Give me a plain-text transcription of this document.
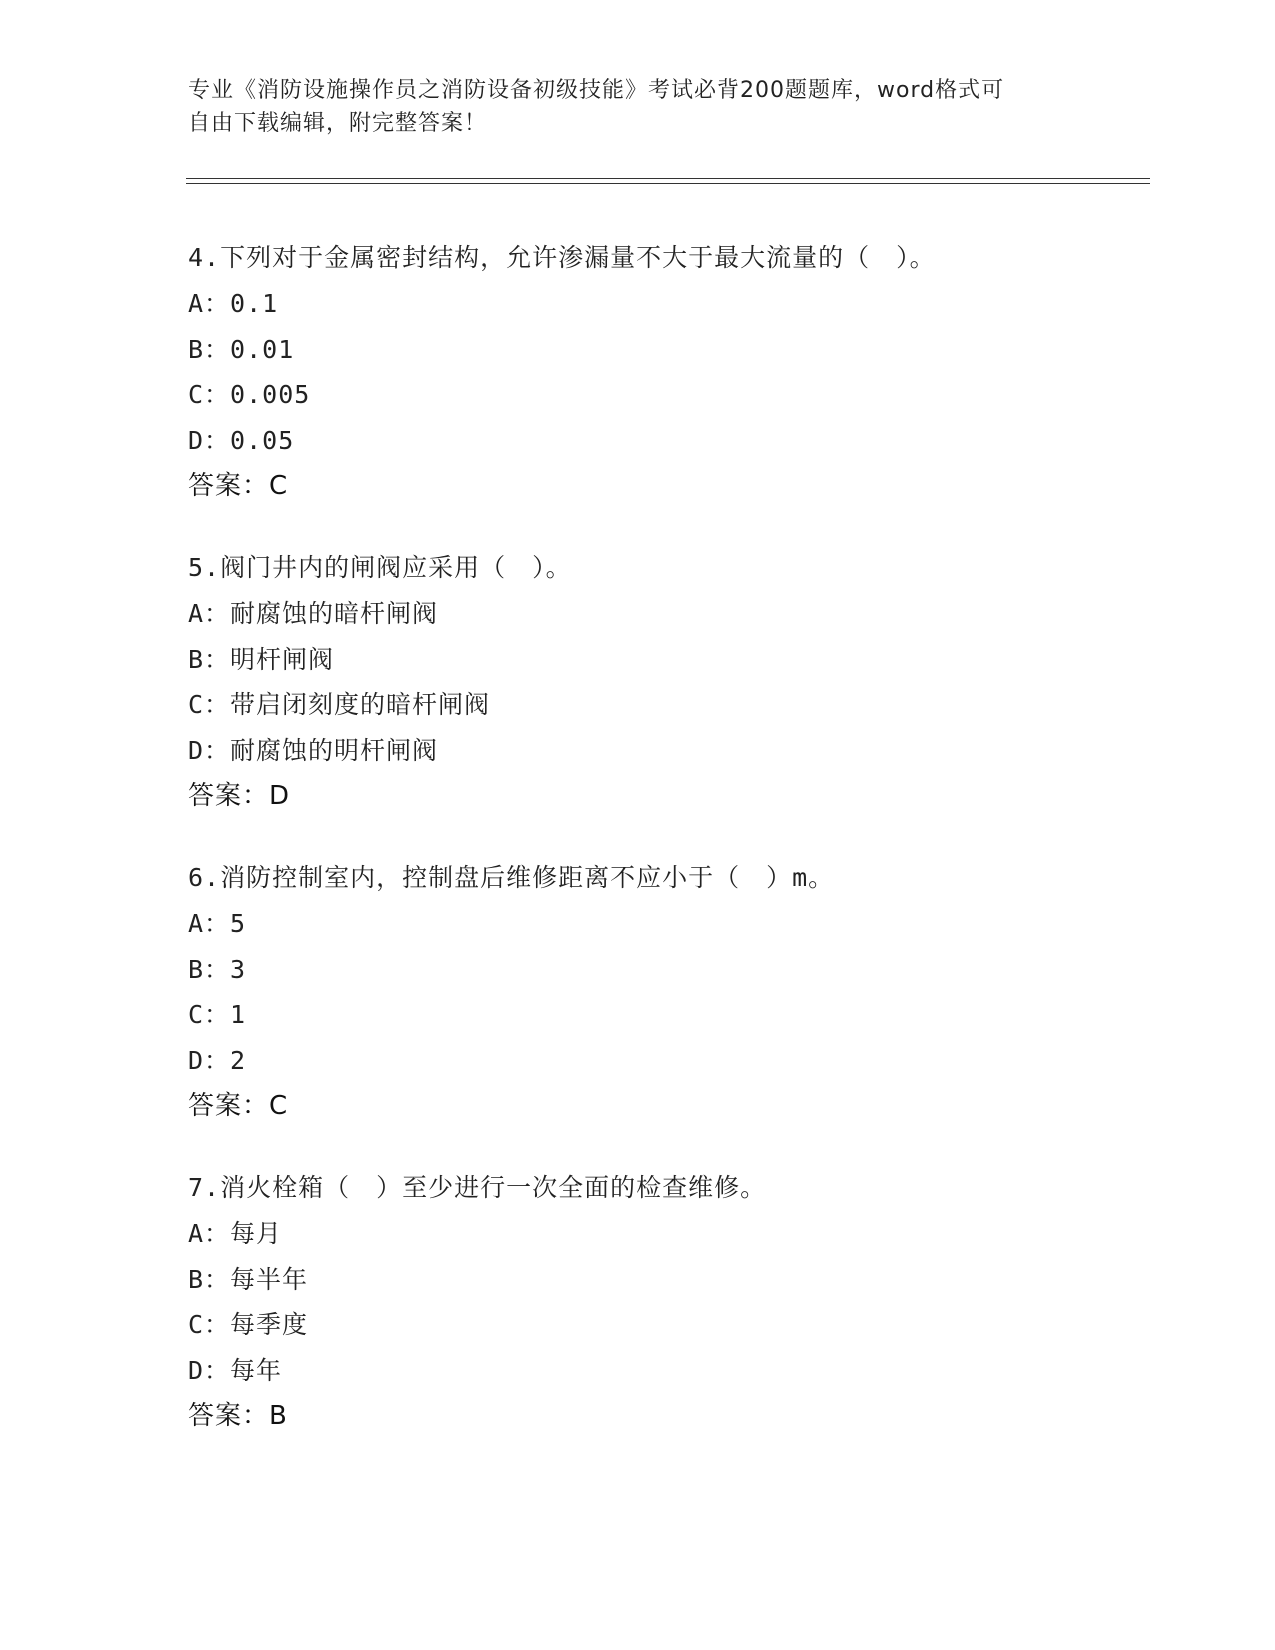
专业《消防设施操作员之消防设备初级技能》考试必背200题题库，word格式可
自由下载编辑，附完整答案！
4.下列对于金属密封结构，允许渗漏量不大于最大流量的（　）。
A：0.1
B：0.01
C：0.005
D：0.05
答案：C
5.阀门井内的闸阀应采用（　）。
A：耐腐蚀的暗杆闸阀
B：明杆闸阀
C：带启闭刻度的暗杆闸阀
D：耐腐蚀的明杆闸阀
答案：D
6.消防控制室内，控制盘后维修距离不应小于（　）m。
A：5
B：3
C：1
D：2
答案：C
7.消火栓箱（　）至少进行一次全面的检查维修。
A：每月
B：每半年
C：每季度
D：每年
答案：B
